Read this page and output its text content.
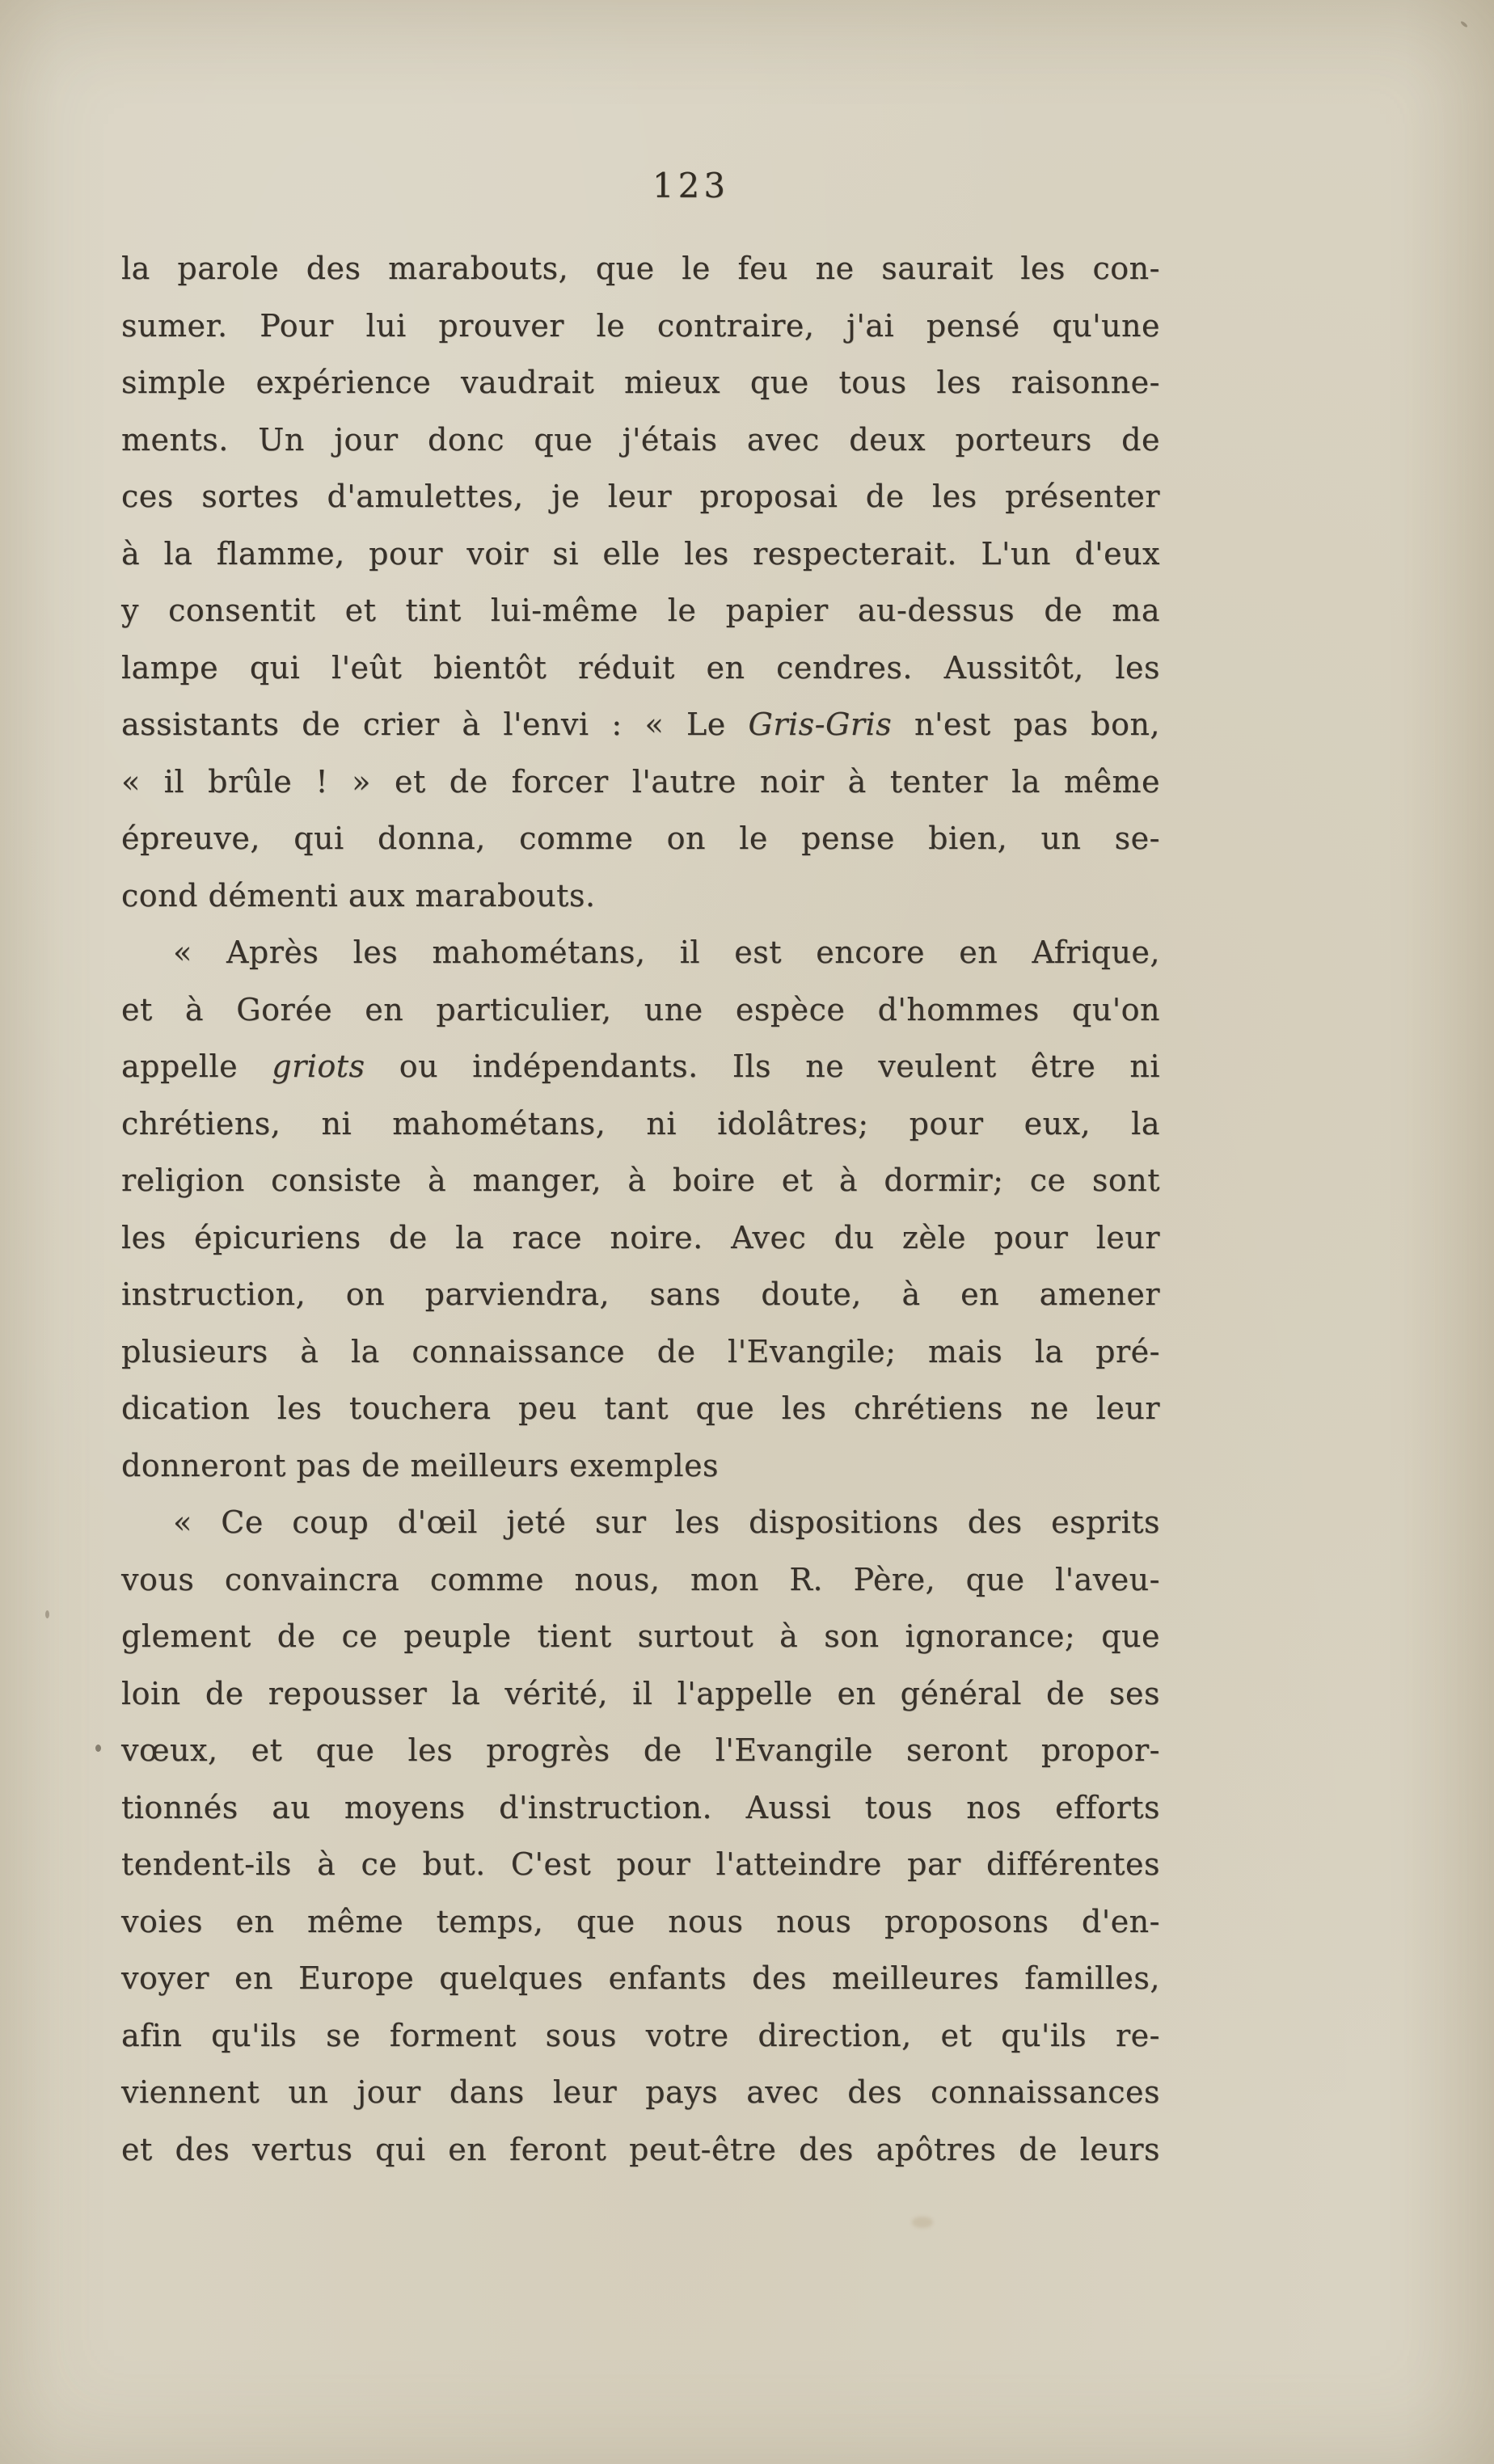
123
la parole des marabouts, que le feu ne saurait les con-
sumer. Pour lui prouver le contraire, j'ai pensé qu'une
simple expérience vaudrait mieux que tous les raisonne-
ments. Un jour donc que j'étais avec deux porteurs de
ces sortes d'amulettes, je leur proposai de les présenter
à la flamme, pour voir si elle les respecterait. L'un d'eux
y consentit et tint lui-même le papier au-dessus de ma
lampe qui l'eût bientôt réduit en cendres. Aussitôt, les
assistants de crier à l'envi : « Le Gris-Gris n'est pas bon,
« il brûle ! » et de forcer l'autre noir à tenter la même
épreuve, qui donna, comme on le pense bien, un se-
cond démenti aux marabouts.
« Après les mahométans, il est encore en Afrique,
et à Gorée en particulier, une espèce d'hommes qu'on
appelle griots ou indépendants. Ils ne veulent être ni
chrétiens, ni mahométans, ni idolâtres; pour eux, la
religion consiste à manger, à boire et à dormir; ce sont
les épicuriens de la race noire. Avec du zèle pour leur
instruction, on parviendra, sans doute, à en amener
plusieurs à la connaissance de l'Evangile; mais la pré-
dication les touchera peu tant que les chrétiens ne leur
donneront pas de meilleurs exemples
« Ce coup d'œil jeté sur les dispositions des esprits
vous convaincra comme nous, mon R. Père, que l'aveu-
glement de ce peuple tient surtout à son ignorance; que
loin de repousser la vérité, il l'appelle en général de ses
vœux, et que les progrès de l'Evangile seront propor-
tionnés au moyens d'instruction. Aussi tous nos efforts
tendent-ils à ce but. C'est pour l'atteindre par différentes
voies en même temps, que nous nous proposons d'en-
voyer en Europe quelques enfants des meilleures familles,
afin qu'ils se forment sous votre direction, et qu'ils re-
viennent un jour dans leur pays avec des connaissances
et des vertus qui en feront peut-être des apôtres de leurs
